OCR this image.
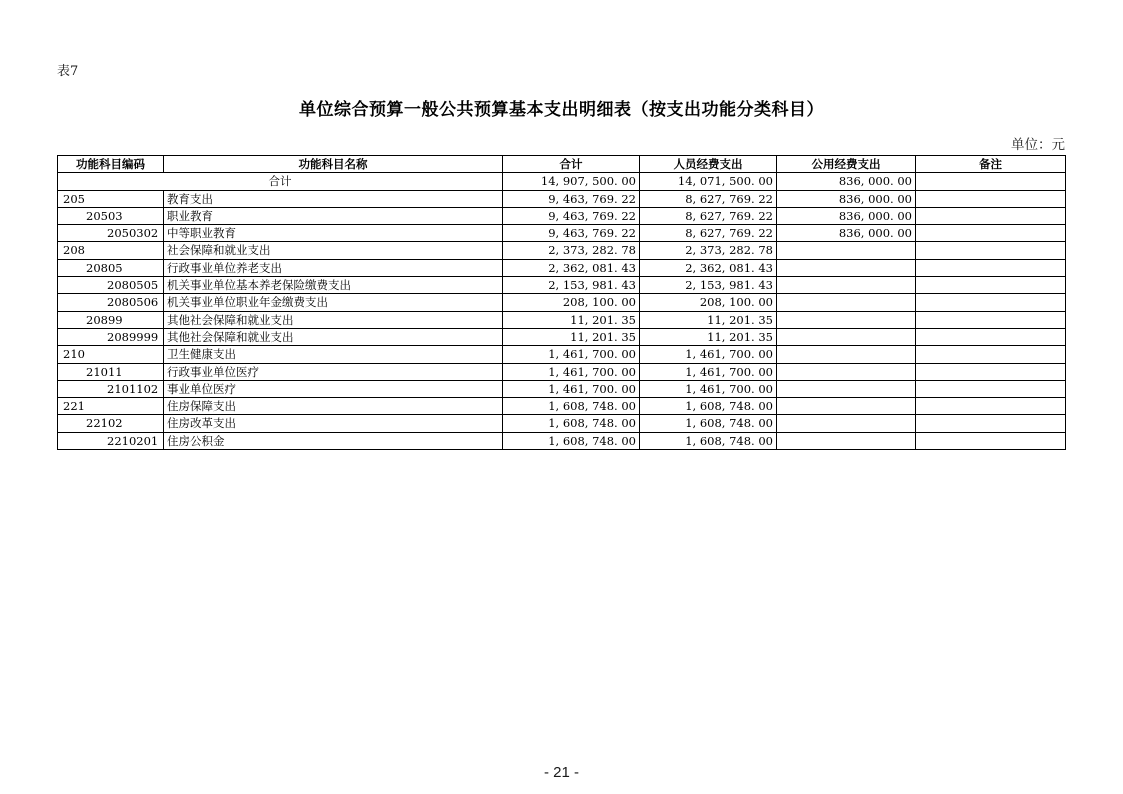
表7
单位综合预算一般公共预算基本支出明细表（按支出功能分类科目）
单位：元
功能科目编码	功能科目名称	合计	人员经费支出	公用经费支出	备注
合计		14, 907, 500. 00	14, 071, 500. 00	836, 000. 00	
205	教育支出	9, 463, 769. 22	8, 627, 769. 22	836, 000. 00	
20503	职业教育	9, 463, 769. 22	8, 627, 769. 22	836, 000. 00	
2050302	中等职业教育	9, 463, 769. 22	8, 627, 769. 22	836, 000. 00	
208	社会保障和就业支出	2, 373, 282. 78	2, 373, 282. 78		
20805	行政事业单位养老支出	2, 362, 081. 43	2, 362, 081. 43		
2080505	机关事业单位基本养老保险缴费支出	2, 153, 981. 43	2, 153, 981. 43		
2080506	机关事业单位职业年金缴费支出	208, 100. 00	208, 100. 00		
20899	其他社会保障和就业支出	11, 201. 35	11, 201. 35		
2089999	其他社会保障和就业支出	11, 201. 35	11, 201. 35		
210	卫生健康支出	1, 461, 700. 00	1, 461, 700. 00		
21011	行政事业单位医疗	1, 461, 700. 00	1, 461, 700. 00		
2101102	事业单位医疗	1, 461, 700. 00	1, 461, 700. 00		
221	住房保障支出	1, 608, 748. 00	1, 608, 748. 00		
22102	住房改革支出	1, 608, 748. 00	1, 608, 748. 00		
2210201	住房公积金	1, 608, 748. 00	1, 608, 748. 00		
- 21 -
